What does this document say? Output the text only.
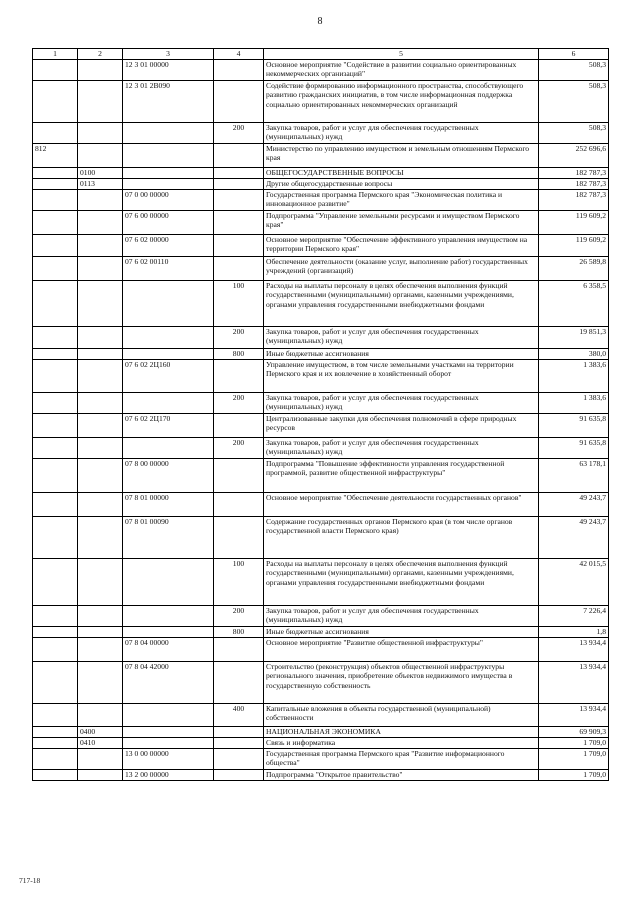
8
1	2	3	4	5	6
		12 3 01 00000		Основное мероприятие "Содействие в развитии социально ориентированных некоммерческих организаций"	508,3
		12 3 01 2В090		Содействие формированию информационного пространства, способствующего развитию гражданских инициатив, в том числе информационная поддержка социально ориентированных некоммерческих организаций	508,3
			200	Закупка товаров, работ и услуг для обеспечения государственных (муниципальных) нужд	508,3
812				Министерство по управлению имуществом и земельным отношениям Пермского края	252 696,6
	0100			ОБЩЕГОСУДАРСТВЕННЫЕ ВОПРОСЫ	182 787,3
	0113			Другие общегосударственные вопросы	182 787,3
		07 0 00 00000		Государственная программа Пермского края "Экономическая политика и инновационное развитие"	182 787,3
		07 6 00 00000		Подпрограмма "Управление земельными ресурсами и имуществом Пермского края"	119 609,2
		07 6 02 00000		Основное мероприятие "Обеспечение эффективного управления имуществом на территории Пермского края"	119 609,2
		07 6 02 00110		Обеспечение деятельности (оказание услуг, выполнение работ) государственных учреждений (организаций)	26 589,8
			100	Расходы на выплаты персоналу в целях обеспечения выполнения функций государственными (муниципальными) органами, казенными учреждениями, органами управления государственными внебюджетными фондами	6 358,5
			200	Закупка товаров, работ и услуг для обеспечения государственных (муниципальных) нужд	19 851,3
			800	Иные бюджетные ассигнования	380,0
		07 6 02 2Ц160		Управление имуществом, в том числе земельными участками на территории Пермского края и их вовлечение в хозяйственный оборот	1 383,6
			200	Закупка товаров, работ и услуг для обеспечения государственных (муниципальных) нужд	1 383,6
		07 6 02 2Ц170		Централизованные закупки для обеспечения полномочий в сфере природных ресурсов	91 635,8
			200	Закупка товаров, работ и услуг для обеспечения государственных (муниципальных) нужд	91 635,8
		07 8 00 00000		Подпрограмма "Повышение эффективности управления государственной программой, развитие общественной инфраструктуры"	63 178,1
		07 8 01 00000		Основное мероприятие "Обеспечение деятельности государственных органов"	49 243,7
		07 8 01 00090		Содержание государственных органов Пермского края (в том числе органов государственной власти Пермского края)	49 243,7
			100	Расходы на выплаты персоналу в целях обеспечения выполнения функций государственными (муниципальными) органами, казенными учреждениями, органами управления государственными внебюджетными фондами	42 015,5
			200	Закупка товаров, работ и услуг для обеспечения государственных (муниципальных) нужд	7 226,4
			800	Иные бюджетные ассигнования	1,8
		07 8 04 00000		Основное мероприятие "Развитие общественной инфраструктуры"	13 934,4
		07 8 04 42000		Строительство (реконструкция) объектов общественной инфраструктуры регионального значения, приобретение объектов недвижимого имущества в государственную собственность	13 934,4
			400	Капитальные вложения в объекты государственной (муниципальной) собственности	13 934,4
	0400			НАЦИОНАЛЬНАЯ ЭКОНОМИКА	69 909,3
	0410			Связь и информатика	1 709,0
		13 0 00 00000		Государственная программа Пермского края "Развитие информационного общества"	1 709,0
		13 2 00 00000		Подпрограмма "Открытое правительство"	1 709,0
717-18
